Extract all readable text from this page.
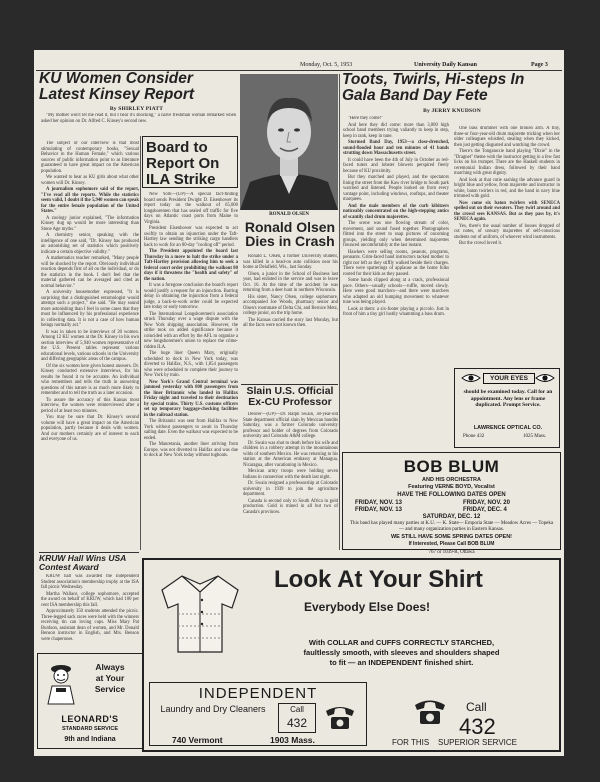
Monday, Oct. 5, 1953	University Daily Kansan	Page 3
KU Women Consider Latest Kinsey Report
By SHIRLEY PIATT

"My mother won't let me read it, but I hear it's shocking," a naive freshman woman remarked when asked her opinion on Dr. Alfred C. Kinsey's second new.

The subject of our interview is that most stimulating of contemporary books, "Sexual Behavior in the Human Female," which various sources of public information point to as literature guaranteed to have great impact on the American population.

We wanted to hear as KU girls about what other women will Dr. Kinsey.

A journalism sophomore said of the report, "I've read all the reports. While the statistics seem valid, I doubt if the 5,940 women can speak for the entire female population of the United States."

A zoology junior explained, "The information Kinsey dug up would be more interesting than Stone Age myths."

A chemistry senior, speaking with the intelligence of one said, "Dr. Kinsey has produced an astonishing set of statistics which positively indicate a certain objective validity."

A mathematics teacher remarked, "Many people will be shocked by the report. Obviously individual reaction depends first of all on the individual, or do the statistics in the book. I don't feel that the material gathered can be averaged and cited as normal behavior."

A university housemother expressed, "It is surprising that a distinguished entomologist would attempt such a project," she said. "He may sound more astonishing than I feel in some cases that they must be influenced by his professional experience in collecting data. It is not a case of how human beings normally act."

It was in taken to be interviews of 20 women. Among 12 KU women at the Dr. Kinsey in his own section interview of 5,940 women representative of the U.S. Present tables represent various educational levels, various schools in the University and differing geographic areas of the campus.

Of the six women here given honest answers. Dr. Kinsey conducted extensive interviews, for his results he found it to be accurate. An individual who remembers and tells the truth in answering questions of this nature is as much more likely to remember and to tell the truth as a later occasion.

To assure the accuracy of this Kansas most interview, the women were reinterviewed after a period of at least two minutes.

You may be sure that Dr. Kinsey's second volume will have a great impact on the American population, partly because it deals with women. And our mothers certainly are of interest to each and everyone of us.

KRUW Hall Wins USA Contest Award

KRUW hall was awarded the Independent Student association's membership trophy at the ISA fall picnic Wednesday.

Martha Wallace, college sophomore, accepted the award on behalf of KRUW, which had 100 per cent ISA membership this fall.

Approximately 350 students attended the picnic. Three-legged sack races were held with the winners receiving tin can loving cups. Miss Mary Pat Burdson, assistant dean of women, and Mr. Donald Benson instructor in English, and Mrs. Benson were chaperones.

Always
at Your
Service
LEONARD'S
STANDARD SERVICE
9th and Indiana
Board to Report On ILA Strike

New York—(UP)—A special fact-finding board sends President Dwight D. Eisenhower its report today on the walkout of 65,000 longshoremen that has sealed off traffic for five days on Atlantic coast ports from Maine to Virginia.

President Eisenhower was expected to act swiftly to obtain an injunction under the Taft-Hartley law sending the striking cargo handlers back to work for an 80-day "cooling off" period.

The President appointed the board last Thursday in a move to halt the strike under a Taft-Hartley provision allowing him to seek a federal court order prohibiting the walkout 80 days if it threatens the "health and safety" of the nation.

It was a foregone conclusion the board's report would justify a request for an injunction. Barring delay in obtaining the injunction from a federal judge, a back-to-work order could be expected late today or early tomorrow.

The International Longshoremen's association struck Thursday over a wage dispute with the New York shipping association. However, the strike took on added significance because it coincided with an effort by the AFL to organize a new longshoremen's union to replace the crime-ridden ILA.

The huge liner Queen Mary, originally scheduled to dock in New York today, was diverted to Halifax, N.S., with 1,854 passengers who were scheduled to complete their journey to New York by train.

New York's Grand Central terminal was jammed yesterday with 800 passengers from the liner Britannic who landed in Halifax Friday night and traveled to their destination by special trains. Thirty U.S. customs officers set up temporary baggage-checking facilities in the railroad station.

The Britannic was sent from Halifax to New York without passengers to await in Thursday sailing date. Even the walkout was expected to be ended.

The Mauretania, another liner arriving from Europe, was not diverted to Halifax and was due to dock at New York today without tugboats.

RONALD OLSEN
Ronald Olsen Dies in Crash

Ronald L. Olsen, a former University student, was killed in a head-on auto collision near his home at Delafield, Wis., last Sunday.

Olsen, a junior in the School of Business last year, had enlisted in the service and was to leave Oct. 16. At the time of the accident he was returning from a deer hunt in northern Wisconsin.

His sister, Nancy Olsen, college sophomore, accompanied Joe Woods, pharmacy senior and Olsen's roommate of Delta Chi, and Bernice Metz, college junior, on the trip home.

The Kansas carried the story last Monday, but all the facts were not known then.

Slain U.S. Official Ex-CU Professor

Denver—(UP)—Dr. Ralph Swain, 38-year-old State department official slain by Mexican bandits Saturday, was a former Colorado university professor and holder of degrees from Colorado university and Colorado A&M college.

Dr. Swain was shot to death before his wife and children in a robbery attempt in the mountainous wilds of southern Mexico. He was returning to his station at the American embassy at Managua, Nicaragua, after vacationing in Mexico.

Mexican army troops were holding seven Indians in connection with the death last night.

Dr. Swain resigned a professorship at Colorado university in 1939 to join the agriculture department.

Canada is second only to South Africa in gold production. Gold is mined in all but two of Canada's provinces.

Toots, Twirls, Hi-steps In Gala Band Day Fete
By JERRY KNUDSON

"Here they come!"

And here they did come: more than 3,000 high school band members trying valiantly to keep in step, keep in rank, keep in tune.

Stormed Band Day, 1953—a close-drenched, sound-flooded hour and ten minutes of 41 bands strutting down Massachusetts street.

It could have been the 4th of July in October as red-faced tuters and lobster blowers perspired freely because of KU proximity.

But they marched and played, and the spectators lining the street from the Kaw river bridge to South park watched and listened. People looked on from every vantage point, including windows, rooftops, and theater marquees.

And the male members of the curb kibitzers noticeably concentrated on the high-stepping antics of scantily clad drum majorettes.

The scene was one flowing stream of color, movement, and sound fused together. Photographers flitted into the street to snap pictures of oncoming groups, yielding only when determined majorettes flounced uncomfortably at the last instant.

Hawkers were selling rooms, peanuts, programs, pennants. Grim-faced band instructors tacked mother to right nor left as they stiffly walked beside their charges. There were spatterings of applause as the home folks rooted for their kids as they passed.

Some bands clipped along at a crack, professional pace. Others—usually schools—ruffle, moved slowly. Here were good marchers—and there were marchers who adapted an old humping movement to whatever tune was being played.

Look at them: a six-footer playing a piccolo. Just in front of him a tiny girl lustily whamming a bass drum.

One bass drummer with one broken arm. A tiny, three-or four-year-old drum majorette tricking when her older colleagues whistled, stealing when they kicked, then just getting disgusted and watching the crowd.

There's the Tonganoxie band playing "Dixie" in the "Dragnet" theme with the instructor getting in a few fast licks on his trumpet. There are the Haskell students in ceremonial Indian dress, followed by their band marching with great dignity.

And look at that cutie sashing the advance guard in bright blue and yellow, from majorette and instructor in white, baton twirlers in red, and the band in navy blue trimmed with gold.

Now come six baton twirlers with SENECA spelled out on their sweaters. They twirl around and the crowd sees KANSAS. But as they pass by, it's SENECA again.

Yes, there's the usual number of bosses dropped of cut notes, of unwary majorettes of self-conscious students out of uniform, of whoever wind instruments.

But the crowd loved it.

YOUR EYES
should be examined today. Call for an appointment. Any lens or frame duplicated. Prompt Service.
LAWRENCE OPTICAL CO.
Phone 432	1025 Mass.
BOB BLUM
AND HIS ORCHESTRA
Featuring VERNE BOYD, Vocalist
HAVE THE FOLLOWING DATES OPEN
FRIDAY, NOV. 13	FRIDAY, NOV. 20
FRIDAY, NOV. 13	FRIDAY, DEC. 4
SATURDAY, DEC. 12
This band has played many parties at K.U. — K. State— Emporia State — Meadow Acres — Topeka — and many organization parties in Eastern Kansas.
WE STILL HAVE SOME SPRING DATES OPEN!
If Interested, Please Call BOB BLUM
767 or 1039-R, Ottawa
Look At Your Shirt
Everybody Else Does!
With COLLAR and CUFFS CORRECTLY STARCHED,
faultlessly smooth, with sleeves and shoulders shaped
to fit — an INDEPENDENT finished shirt.
INDEPENDENT
Laundry and Dry Cleaners	Call
432
740 Vermont	1903 Mass.
Call
432
FOR THIS SUPERIOR SERVICE
